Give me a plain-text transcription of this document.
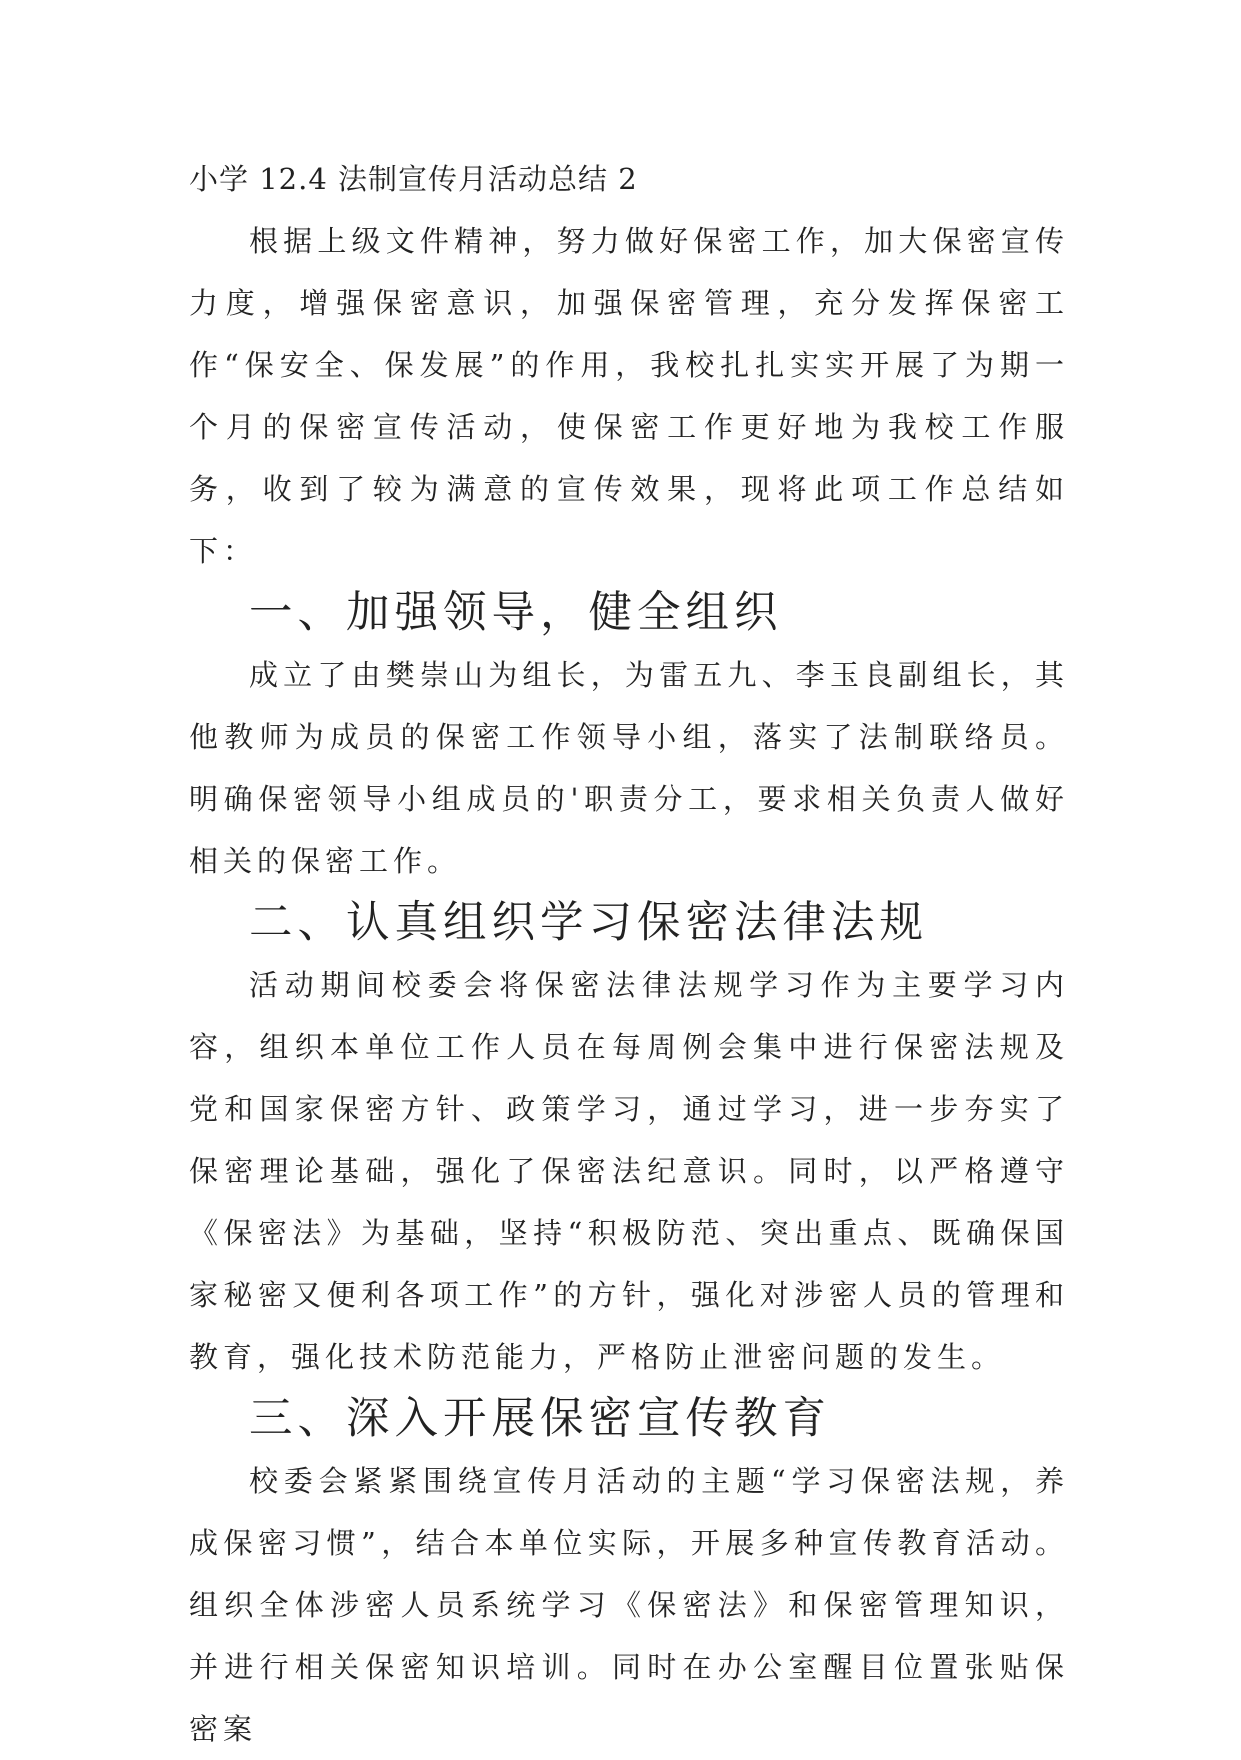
小学 12.4 法制宣传月活动总结 2

根据上级文件精神，努力做好保密工作，加大保密宣传力度，增强保密意识，加强保密管理，充分发挥保密工作“保安全、保发展”的作用，我校扎扎实实开展了为期一个月的保密宣传活动，使保密工作更好地为我校工作服务，收到了较为满意的宣传效果，现将此项工作总结如下：

一、加强领导，健全组织

成立了由樊崇山为组长，为雷五九、李玉良副组长，其他教师为成员的保密工作领导小组，落实了法制联络员。明确保密领导小组成员的'职责分工，要求相关负责人做好相关的保密工作。

二、认真组织学习保密法律法规

活动期间校委会将保密法律法规学习作为主要学习内容，组织本单位工作人员在每周例会集中进行保密法规及党和国家保密方针、政策学习，通过学习，进一步夯实了保密理论基础，强化了保密法纪意识。同时，以严格遵守《保密法》为基础，坚持“积极防范、突出重点、既确保国家秘密又便利各项工作”的方针，强化对涉密人员的管理和教育，强化技术防范能力，严格防止泄密问题的发生。

三、深入开展保密宣传教育

校委会紧紧围绕宣传月活动的主题“学习保密法规，养成保密习惯”，结合本单位实际，开展多种宣传教育活动。组织全体涉密人员系统学习《保密法》和保密管理知识，并进行相关保密知识培训。同时在办公室醒目位置张贴保密案
